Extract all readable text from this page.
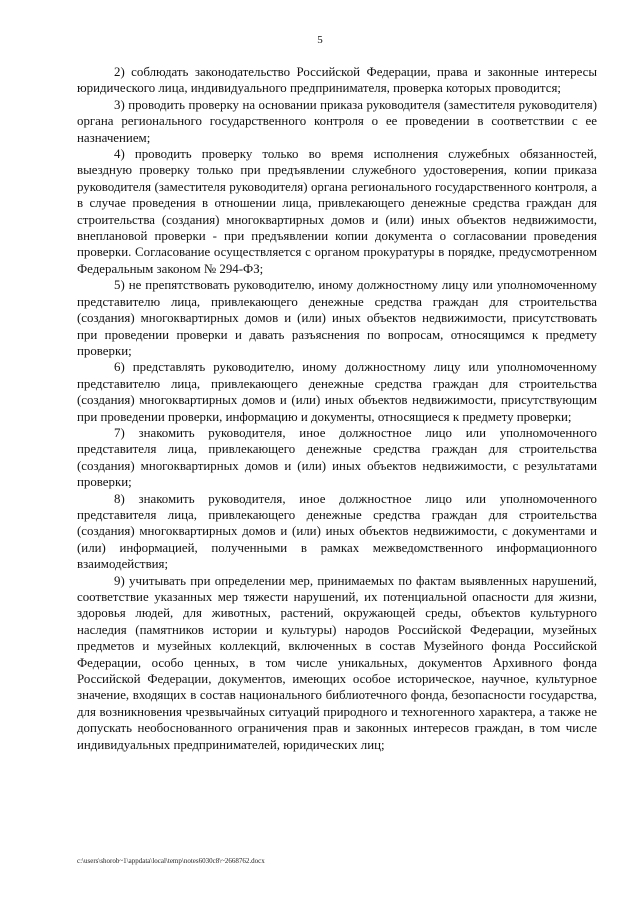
5

2) соблюдать законодательство Российской Федерации, права и законные интересы юридического лица, индивидуального предпринимателя, проверка которых проводится;

3) проводить проверку на основании приказа руководителя (заместителя руководителя) органа регионального государственного контроля о ее проведении в соответствии с ее назначением;

4) проводить проверку только во время исполнения служебных обязанностей, выездную проверку только при предъявлении служебного удостоверения, копии приказа руководителя (заместителя руководителя) органа регионального государственного контроля, а в случае проведения в отношении лица, привлекающего денежные средства граждан для строительства (создания) многоквартирных домов и (или) иных объектов недвижимости, внеплановой проверки - при предъявлении копии документа о согласовании проведения проверки. Согласование осуществляется с органом прокуратуры в порядке, предусмотренном Федеральным законом № 294-ФЗ;

5) не препятствовать руководителю, иному должностному лицу или уполномоченному представителю лица, привлекающего денежные средства граждан для строительства (создания) многоквартирных домов и (или) иных объектов недвижимости, присутствовать при проведении проверки и давать разъяснения по вопросам, относящимся к предмету проверки;

6) представлять руководителю, иному должностному лицу или уполномоченному представителю лица, привлекающего денежные средства граждан для строительства (создания) многоквартирных домов и (или) иных объектов недвижимости, присутствующим при проведении проверки, информацию и документы, относящиеся к предмету проверки;

7) знакомить руководителя, иное должностное лицо или уполномоченного представителя лица, привлекающего денежные средства граждан для строительства (создания) многоквартирных домов и (или) иных объектов недвижимости, с результатами проверки;

8) знакомить руководителя, иное должностное лицо или уполномоченного представителя лица, привлекающего денежные средства граждан для строительства (создания) многоквартирных домов и (или) иных объектов недвижимости, с документами и (или) информацией, полученными в рамках межведомственного информационного взаимодействия;

9) учитывать при определении мер, принимаемых по фактам выявленных нарушений, соответствие указанных мер тяжести нарушений, их потенциальной опасности для жизни, здоровья людей, для животных, растений, окружающей среды, объектов культурного наследия (памятников истории и культуры) народов Российской Федерации, музейных предметов и музейных коллекций, включенных в состав Музейного фонда Российской Федерации, особо ценных, в том числе уникальных, документов Архивного фонда Российской Федерации, документов, имеющих особое историческое, научное, культурное значение, входящих в состав национального библиотечного фонда, безопасности государства, для возникновения чрезвычайных ситуаций природного и техногенного характера, а также не допускать необоснованного ограничения прав и законных интересов граждан, в том числе индивидуальных предпринимателей, юридических лиц;

c:\users\shorob~1\appdata\local\temp\notes6030c8\~2668762.docx
